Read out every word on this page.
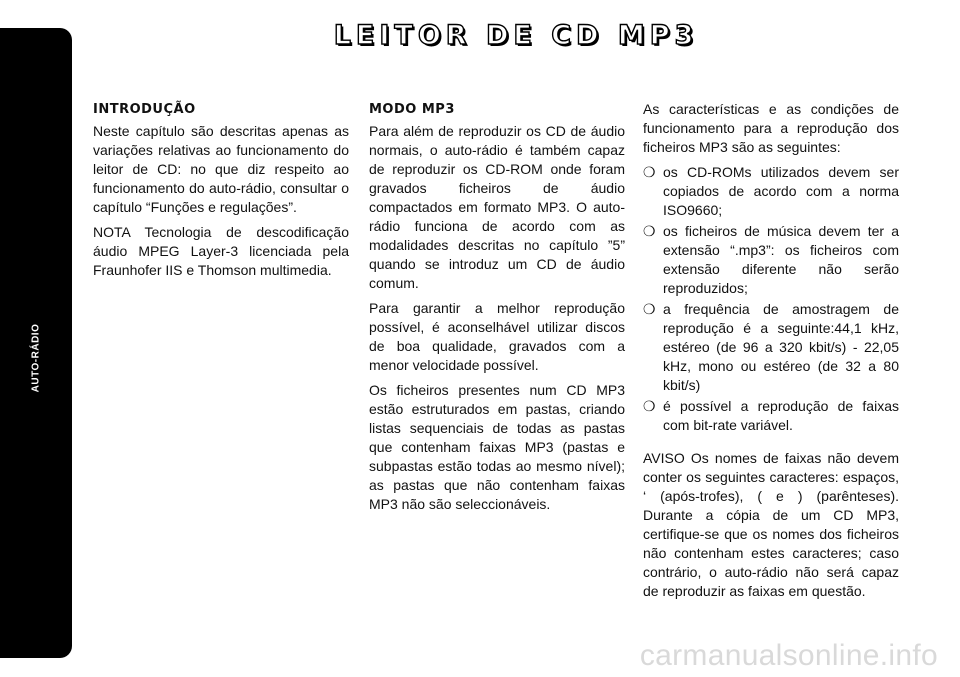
AUTO-RÁDIO
274
LEITOR DE CD MP3
INTRODUÇÃO

Neste capítulo são descritas apenas as variações relativas ao funcionamento do leitor de CD: no que diz respeito ao funcionamento do auto-rádio, consultar o capítulo “Funções e regulações”.

NOTA Tecnologia de descodificação áudio MPEG Layer-3 licenciada pela Fraunhofer IIS e Thomson multimedia.

MODO MP3

Para além de reproduzir os CD de áudio normais, o auto-rádio é também capaz de reproduzir os CD-ROM onde foram gravados ficheiros de áudio compactados em formato MP3. O auto-rádio funciona de acordo com as modalidades descritas no capítulo ”5” quando se introduz um CD de áudio comum.

Para garantir a melhor reprodução possível, é aconselhável utilizar discos de boa qualidade, gravados com a menor velocidade possível.

Os ficheiros presentes num CD MP3 estão estruturados em pastas, criando listas sequenciais de todas as pastas que contenham faixas MP3 (pastas e subpastas estão todas ao mesmo nível); as pastas que não contenham faixas MP3 não são seleccionáveis.

As características e as condições de funcionamento para a reprodução dos ficheiros MP3 são as seguintes:

❍ os CD-ROMs utilizados devem ser copiados de acordo com a norma ISO9660;
❍ os ficheiros de música devem ter a extensão “.mp3”: os ficheiros com extensão diferente não serão reproduzidos;
❍ a frequência de amostragem de reprodução é a seguinte:44,1 kHz, estéreo (de 96 a 320 kbit/s) - 22,05 kHz, mono ou estéreo (de 32 a 80 kbit/s)
❍ é possível a reprodução de faixas com bit-rate variável.

AVISO Os nomes de faixas não devem conter os seguintes caracteres: espaços, ‘ (após-trofes), ( e ) (parênteses). Durante a cópia de um CD MP3, certifique-se que os nomes dos ficheiros não contenham estes caracteres; caso contrário, o auto-rádio não será capaz de reproduzir as faixas em questão.

carmanualsonline.info
